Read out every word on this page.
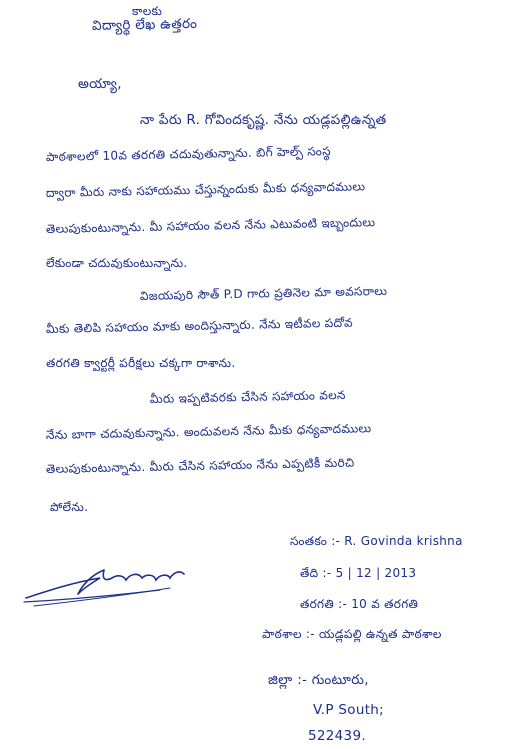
కాలకు
విద్యార్థి లేఖ ఉత్తరం
అయ్యా,
నా పేరు R. గోవిందకృష్ణ. నేను యడ్లపల్లిఉన్నత
పాఠశాలలో 10వ తరగతి చదువుతున్నాను. బిగ్ హెల్ప్ సంస్థ
ద్వారా మీరు నాకు సహాయము చేస్తున్నందుకు మీకు ధన్యవాదములు
తెలుపుకుంటున్నాను. మీ సహాయం వలన నేను ఎటువంటి ఇబ్బందులు
లేకుండా చదువుకుంటున్నాను.
విజయపురి సౌత్ P.D గారు ప్రతినెల మా అవసరాలు
మీకు తెలిపి సహాయం మాకు అందిస్తున్నారు. నేను ఇటీవల పదోవ
తరగతి క్వార్టర్లీ పరీక్షలు చక్కగా రాశాను.
మీరు ఇప్పటివరకు చేసిన సహాయం వలన
నేను బాగా చదువుకున్నాను. అందువలన నేను మీకు ధన్యవాదములు
తెలుపుకుంటున్నాను. మీరు చేసిన సహాయం నేను ఎప్పటికీ మరిచి
పోలేను.
సంతకం :- R. Govinda krishna
తేది :- 5 | 12 | 2013
తరగతి :- 10 వ తరగతి
పాఠశాల :- యడ్లపల్లి ఉన్నత పాఠశాల
జిల్లా :- గుంటూరు,
V.P South;
522439.
